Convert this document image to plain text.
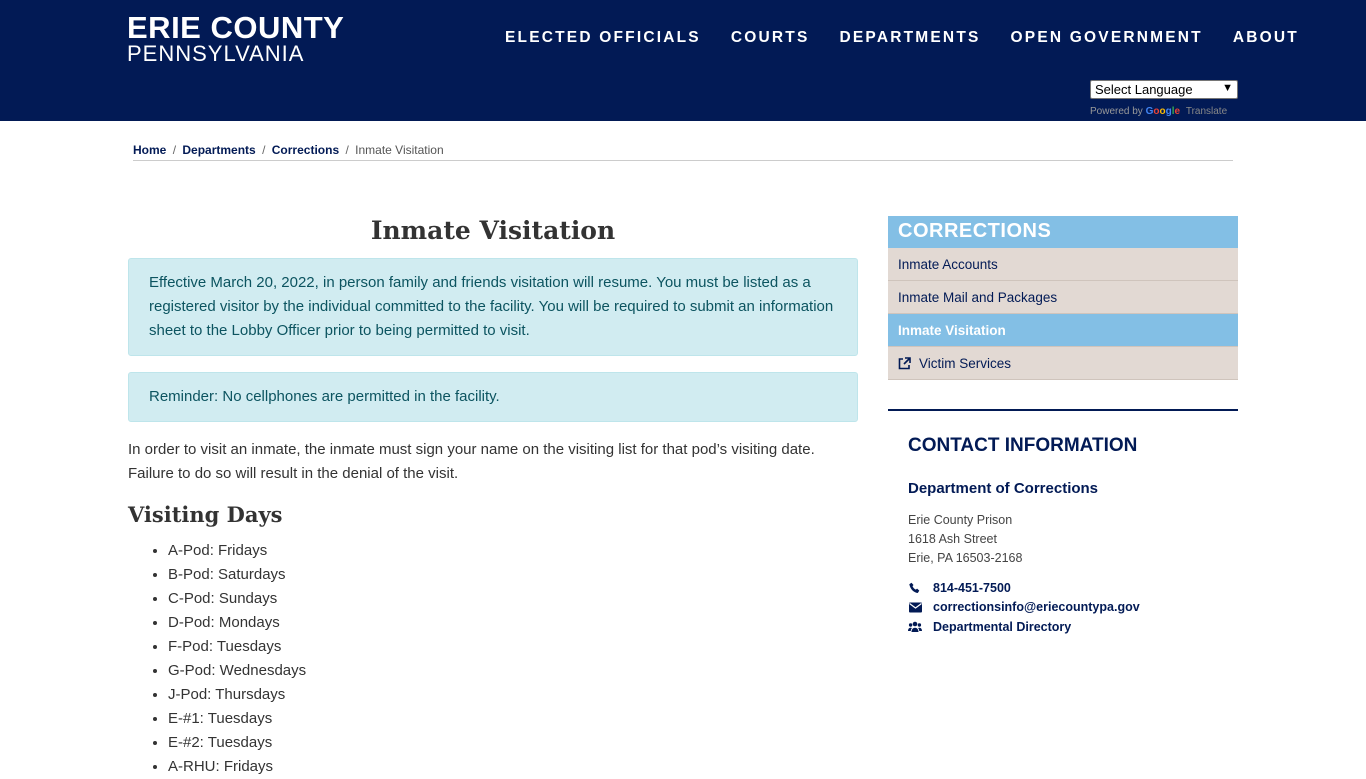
ERIE COUNTY
PENNSYLVANIA
ELECTED OFFICIALS COURTS DEPARTMENTS OPEN GOVERNMENT ABOUT
Select Language	▼
Powered by Google Translate
Home / Departments / Corrections / Inmate Visitation
Inmate Visitation
Effective March 20, 2022, in person family and friends visitation will resume. You must be listed as a registered visitor by the individual committed to the facility. You will be required to submit an information sheet to the Lobby Officer prior to being permitted to visit.
Reminder: No cellphones are permitted in the facility.

In order to visit an inmate, the inmate must sign your name on the visiting list for that pod’s visiting date. Failure to do so will result in the denial of the visit.

Visiting Days
• A-Pod: Fridays
• B-Pod: Saturdays
• C-Pod: Sundays
• D-Pod: Mondays
• F-Pod: Tuesdays
• G-Pod: Wednesdays
• J-Pod: Thursdays
• E-#1: Tuesdays
• E-#2: Tuesdays
• A-RHU: Fridays
CORRECTIONS
Inmate Accounts
Inmate Mail and Packages
Inmate Visitation
Victim Services
CONTACT INFORMATION
Department of Corrections
Erie County Prison
1618 Ash Street
Erie, PA 16503-2168
814-451-7500
correctionsinfo@eriecountypa.gov
Departmental Directory
